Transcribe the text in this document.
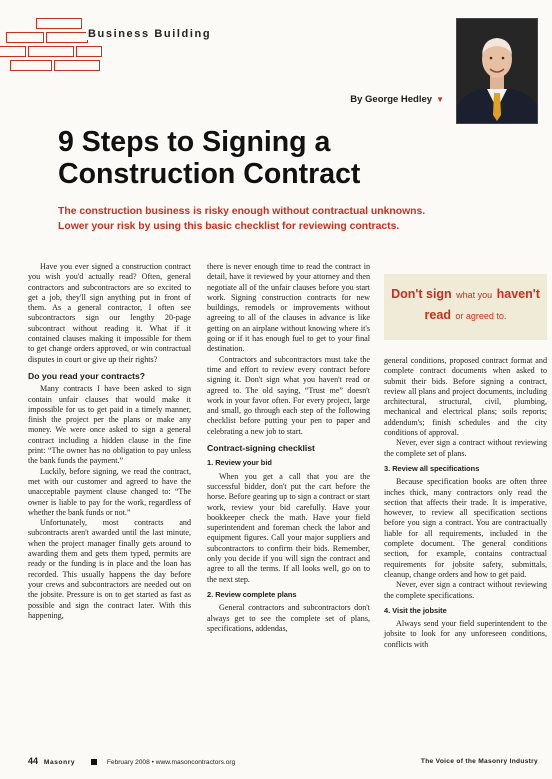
Business Building
By George Hedley ▼
9 Steps to Signing a Construction Contract
The construction business is risky enough without contractual unknowns.
Lower your risk by using this basic checklist for reviewing contracts.

Have you ever signed a construction contract you wish you'd actually read? Often, general contractors and subcontractors are so excited to get a job, they'll sign anything put in front of them. As a general contractor, I often see subcontractors sign our lengthy 20-page subcontract without reading it. What if it contained clauses making it impossible for them to get change orders approved, or win contractual disputes in court or give up their rights?

Do you read your contracts?

Many contracts I have been asked to sign contain unfair clauses that would make it impossible for us to get paid in a timely manner, finish the project per the plans or make any money. We were once asked to sign a general contract including a hidden clause in the fine print: “The owner has no obligation to pay unless the bank funds the payment.”

Luckily, before signing, we read the contract, met with our customer and agreed to have the unacceptable payment clause changed to: “The owner is liable to pay for the work, regardless of whether the bank funds or not.”

Unfortunately, most contracts and subcontracts aren't awarded until the last minute, when the project manager finally gets around to awarding them and gets them typed, permits are ready or the funding is in place and the loan has recorded. This usually happens the day before your crews and subcontractors are needed out on the jobsite. Pressure is on to get started as fast as possible and sign the contract later. With this happening,

there is never enough time to read the contract in detail, have it reviewed by your attorney and then negotiate all of the unfair clauses before you start work. Signing construction contracts for new buildings, remodels or improvements without agreeing to all of the clauses in advance is like getting on an airplane without knowing where it's going or if it has enough fuel to get to your final destination.

Contractors and subcontractors must take the time and effort to review every contract before signing it. Don't sign what you haven't read or agreed to. The old saying, “Trust me” doesn't work in your favor often. For every project, large and small, go through each step of the following checklist before putting your pen to paper and celebrating a new job to start.

Contract-signing checklist
1. Review your bid

When you get a call that you are the successful bidder, don't put the cart before the horse. Before gearing up to sign a contract or start work, review your bid carefully. Have your bookkeeper check the math. Have your field superintendent and foreman check the labor and equipment figures. Call your major suppliers and subcontractors to confirm their bids. Remember, only you decide if you will sign the contract and agree to all the terms. If all looks well, go on to the next step.

2. Review complete plans

General contractors and subcontractors don't always get to see the complete set of plans, specifications, addendas,

Don't sign what you haven't
read or agreed to.

general conditions, proposed contract format and complete contract documents when asked to submit their bids. Before signing a contract, review all plans and project documents, including architectural, structural, civil, plumbing, mechanical and electrical plans; soils reports; addendum's; finish schedules and the city conditions of approval.

Never, ever sign a contract without reviewing the complete set of plans.

3. Review all specifications

Because specification books are often three inches thick, many contractors only read the section that affects their trade. It is imperative, however, to review all specification sections before you sign a contract. You are contractually liable for all requirements, included in the complete document. The general conditions section, for example, contains contractual requirements for jobsite safety, submittals, cleanup, change orders and how to get paid.

Never, ever sign a contract without reviewing the complete specifications.

4. Visit the jobsite

Always send your field superintendent to the jobsite to look for any unforeseen conditions, conflicts with

44 Masonry	February 2008 • www.masoncontractors.org	The Voice of the Masonry Industry
